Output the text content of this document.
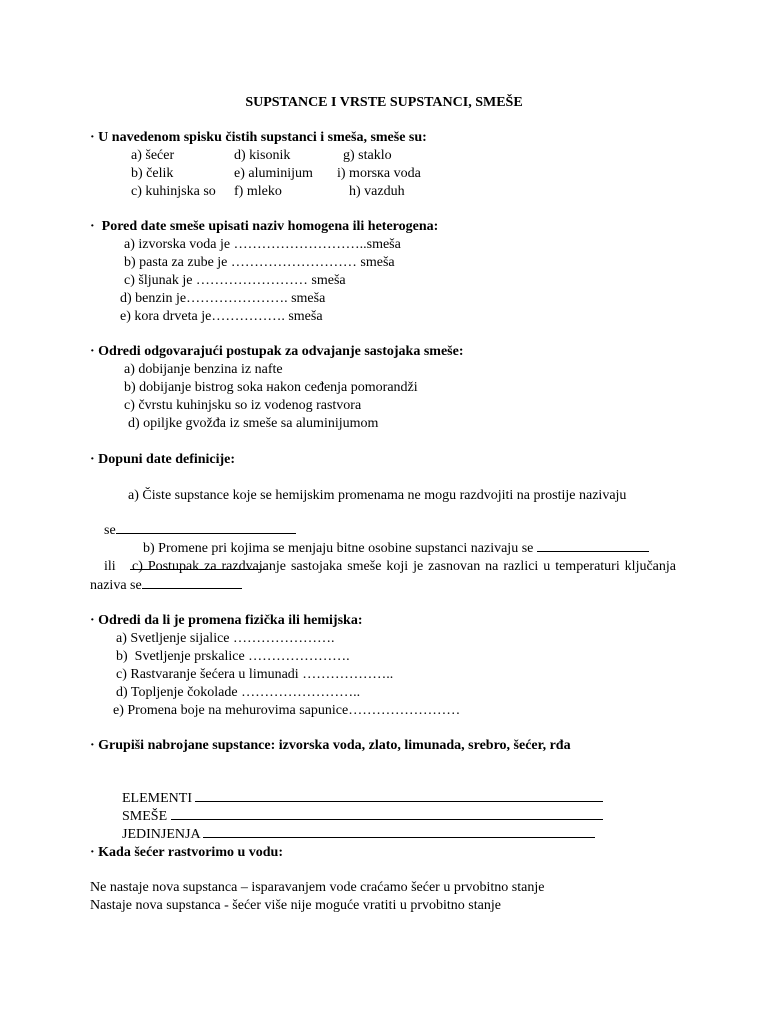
SUPSTANCE I VRSTE SUPSTANCI, SMEŠE
· U navedenom spisku čistih supstanci i smeša, smeše su:
a) šećer
b) čelik
c) kuhinjska so
d) kisonik
e) aluminijum
f) mleko
g) staklo
i) morsкa voda
h) vazduh
·  Pored date smeše upisati naziv homogena ili heterogena:
a) izvorska voda je ………………………..smeša
b) pasta za zube je ……………………… smeša
c) šljunak je …………………… smeša
d) benzin je…………………. smeša
e) kora drveta je……………. smeša
· Odredi odgovarajući postupak za odvajanje sastojaka smeše:
a) dobijanje benzina iz nafte
b) dobijanje bistrog soka нakon ceđenja pomorandži
c) čvrstu kuhinjsku so iz vodenog rastvora
d) opiljke gvožđa iz smeše sa aluminijumom
· Dopuni date definicije:
a) Čiste supstance koje se hemijskim promenama ne mogu razdvojiti na prostije nazivaju

se

b) Promene pri kojima se menjaju bitne osobine supstanci nazivaju se

ili
	c) Postupak za razdvajanje sastojaka smeše koji je zasnovan na razlici u temperaturi ključanja naziva se
· Odredi da li je promena fizička ili hemijska:
a) Svetljenje sijalice ………………….
b)  Svetljenje prskalice ………………….
c) Rastvaranje šećera u limunadi ………………..
d) Topljenje čokolade ……………………..
e) Promena boje na mehurovima sapunice……………………
· Grupiši nabrojane supstance: izvorska voda, zlato, limunada, srebro, šećer, rđa

ELEMENTI

SMEŠE

JEDINJENJA

· Kada šećer rastvorimo u vodu:
Ne nastaje nova supstanca – isparavanjem vode craćamo šećer u prvobitno stanje
Nastaje nova supstanca - šećer više nije moguće vratiti u prvobitno stanje
